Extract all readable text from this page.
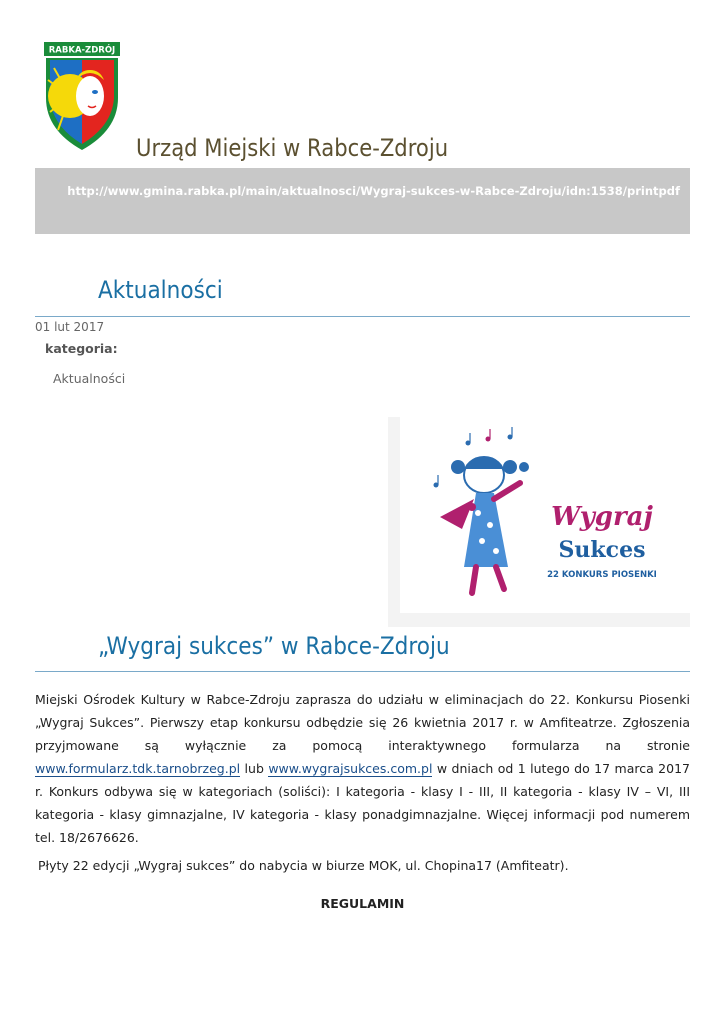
RABKA-ZDRÓJ
Urząd Miejski w Rabce-Zdroju
http://www.gmina.rabka.pl/main/aktualnosci/Wygraj-sukces-w-Rabce-Zdroju/idn:1538/printpdf
Aktualności
01 lut 2017
kategoria:
Aktualności
Wygraj
Sukces
22 KONKURS PIOSENKI
„Wygraj sukces” w Rabce-Zdroju
Miejski Ośrodek Kultury w Rabce-Zdroju zaprasza do udziału w eliminacjach do 22. Konkursu Piosenki „Wygraj Sukces”. Pierwszy etap konkursu odbędzie się 26 kwietnia 2017 r. w Amfiteatrze. Zgłoszenia przyjmowane są wyłącznie za pomocą interaktywnego formularza na stronie www.formularz.tdk.tarnobrzeg.pl lub www.wygrajsukces.com.pl w dniach od 1 lutego do 17 marca 2017 r. Konkurs odbywa się w kategoriach (soliści): I kategoria - klasy I - III, II kategoria - klasy IV – VI, III kategoria - klasy gimnazjalne, IV kategoria - klasy ponadgimnazjalne. Więcej informacji pod numerem tel. 18/2676626.
Płyty 22 edycji „Wygraj sukces” do nabycia w biurze MOK, ul. Chopina17 (Amfiteatr).
REGULAMIN
